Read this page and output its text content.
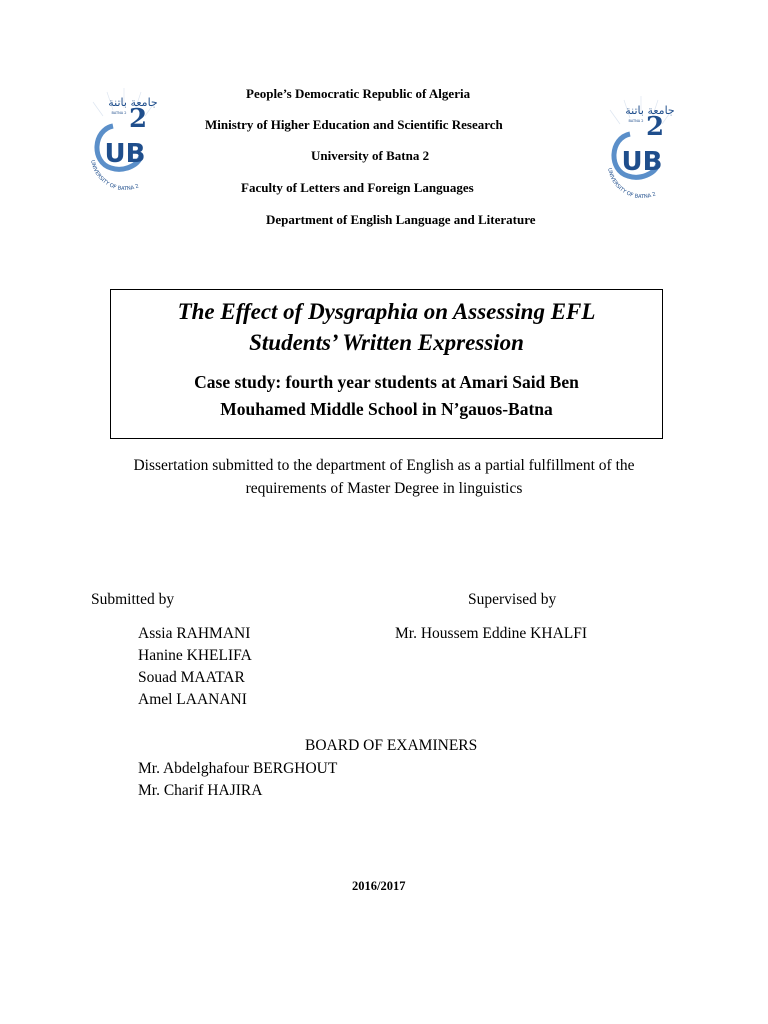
جامعة باتنة
BATNA 2 2
UB
UNIVERSITY OF BATNA 2
جامعة باتنة
BATNA 2 2
UB
UNIVERSITY OF BATNA 2
People’s Democratic Republic of Algeria
Ministry of Higher Education and Scientific Research
University of Batna 2
Faculty of Letters and Foreign Languages
Department of English Language and Literature
The Effect of Dysgraphia on Assessing EFL
Students’ Written Expression
Case study: fourth year students at Amari Said Ben
Mouhamed Middle School in N’gauos-Batna
Dissertation submitted to the department of English as a partial fulfillment of the
requirements of Master Degree in linguistics
Submitted by
Assia RAHMANI
Hanine KHELIFA
Souad MAATAR
Amel LAANANI
Supervised by
Mr. Houssem Eddine KHALFI
BOARD OF EXAMINERS
Mr. Abdelghafour BERGHOUT
Mr. Charif HAJIRA
2016/2017
